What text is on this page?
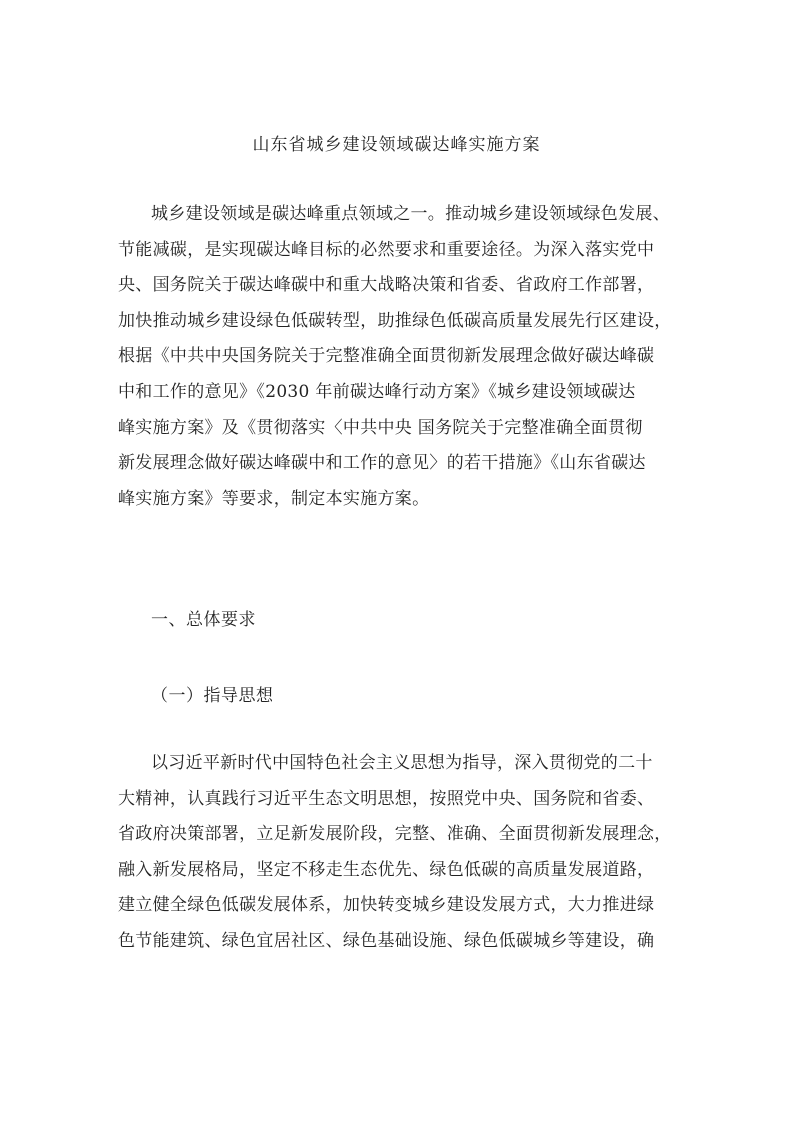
山东省城乡建设领域碳达峰实施方案
城乡建设领域是碳达峰重点领域之一。推动城乡建设领域绿色发展、
节能减碳，是实现碳达峰目标的必然要求和重要途径。为深入落实党中
央、国务院关于碳达峰碳中和重大战略决策和省委、省政府工作部署，
加快推动城乡建设绿色低碳转型，助推绿色低碳高质量发展先行区建设，
根据《中共中央国务院关于完整准确全面贯彻新发展理念做好碳达峰碳
中和工作的意见》《2030 年前碳达峰行动方案》《城乡建设领域碳达
峰实施方案》及《贯彻落实〈中共中央 国务院关于完整准确全面贯彻
新发展理念做好碳达峰碳中和工作的意见〉的若干措施》《山东省碳达
峰实施方案》等要求，制定本实施方案。
一、总体要求
（一）指导思想
以习近平新时代中国特色社会主义思想为指导，深入贯彻党的二十
大精神，认真践行习近平生态文明思想，按照党中央、国务院和省委、
省政府决策部署，立足新发展阶段，完整、准确、全面贯彻新发展理念，
融入新发展格局，坚定不移走生态优先、绿色低碳的高质量发展道路，
建立健全绿色低碳发展体系，加快转变城乡建设发展方式，大力推进绿
色节能建筑、绿色宜居社区、绿色基础设施、绿色低碳城乡等建设，确
